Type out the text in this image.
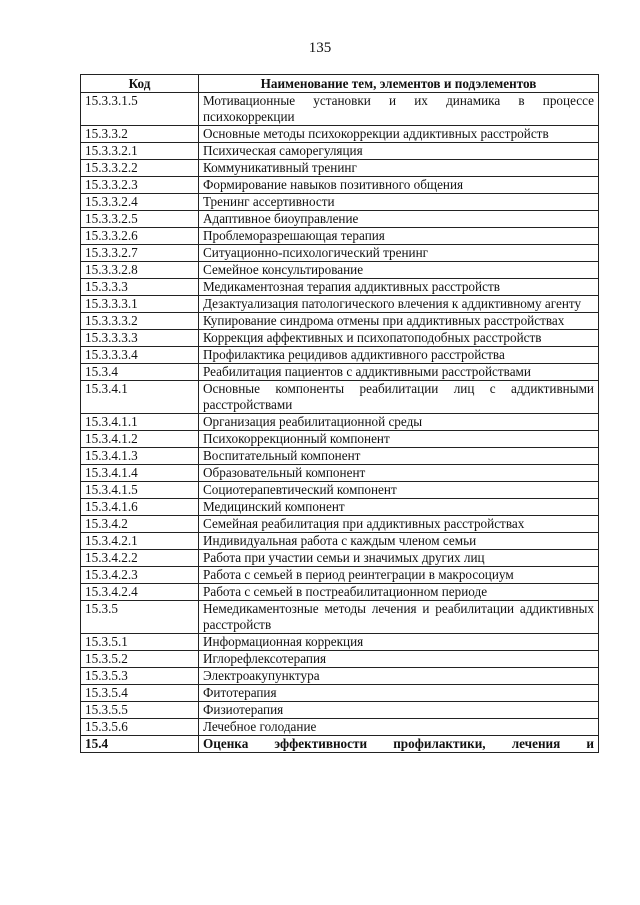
135
Код	Наименование тем, элементов и подэлементов
15.3.3.1.5	Мотивационные установки и их динамика в процессе психокоррекции
15.3.3.2	Основные методы психокоррекции аддиктивных расстройств
15.3.3.2.1	Психическая саморегуляция
15.3.3.2.2	Коммуникативный тренинг
15.3.3.2.3	Формирование навыков позитивного общения
15.3.3.2.4	Тренинг ассертивности
15.3.3.2.5	Адаптивное биоуправление
15.3.3.2.6	Проблеморазрешающая терапия
15.3.3.2.7	Ситуационно-психологический тренинг
15.3.3.2.8	Семейное консультирование
15.3.3.3	Медикаментозная терапия аддиктивных расстройств
15.3.3.3.1	Дезактуализация патологического влечения к аддиктивному агенту
15.3.3.3.2	Купирование синдрома отмены при аддиктивных расстройствах
15.3.3.3.3	Коррекция аффективных и психопатоподобных расстройств
15.3.3.3.4	Профилактика рецидивов аддиктивного расстройства
15.3.4	Реабилитация пациентов с аддиктивными расстройствами
15.3.4.1	Основные компоненты реабилитации лиц с аддиктивными расстройствами
15.3.4.1.1	Организация реабилитационной среды
15.3.4.1.2	Психокоррекционный компонент
15.3.4.1.3	Воспитательный компонент
15.3.4.1.4	Образовательный компонент
15.3.4.1.5	Социотерапевтический компонент
15.3.4.1.6	Медицинский компонент
15.3.4.2	Семейная реабилитация при аддиктивных расстройствах
15.3.4.2.1	Индивидуальная работа с каждым членом семьи
15.3.4.2.2	Работа при участии семьи и значимых других лиц
15.3.4.2.3	Работа с семьей в период реинтеграции в макросоциум
15.3.4.2.4	Работа с семьей в постреабилитационном периоде
15.3.5	Немедикаментозные методы лечения и реабилитации аддиктивных расстройств
15.3.5.1	Информационная коррекция
15.3.5.2	Иглорефлексотерапия
15.3.5.3	Электроакупунктура
15.3.5.4	Фитотерапия
15.3.5.5	Физиотерапия
15.3.5.6	Лечебное голодание
15.4	Оценка эффективности профилактики, лечения и
